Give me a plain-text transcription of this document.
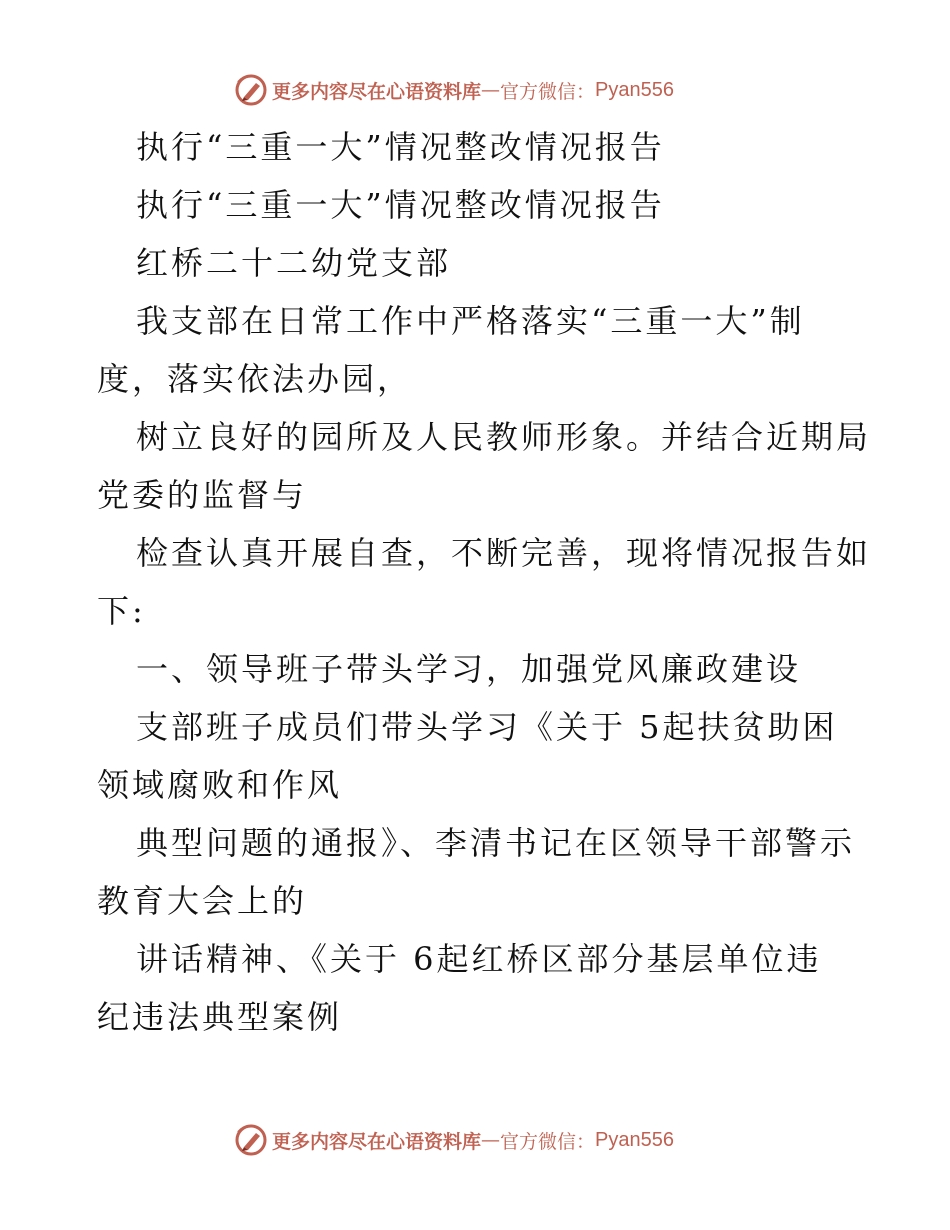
更多内容尽在心语资料库 — 官方微信： Pyan556
执行“三重一大”情况整改情况报告
执行“三重一大”情况整改情况报告
红桥二十二幼党支部
我支部在日常工作中严格落实“三重一大”制
度，落实依法办园，
树立良好的园所及人民教师形象。并结合近期局
党委的监督与
检查认真开展自查，不断完善，现将情况报告如
下:
一、领导班子带头学习，加强党风廉政建设
支部班子成员们带头学习《关于 5起扶贫助困
领域腐败和作风
典型问题的通报》、李清书记在区领导干部警示
教育大会上的
讲话精神、《关于 6起红桥区部分基层单位违
纪违法典型案例
更多内容尽在心语资料库 — 官方微信： Pyan556
